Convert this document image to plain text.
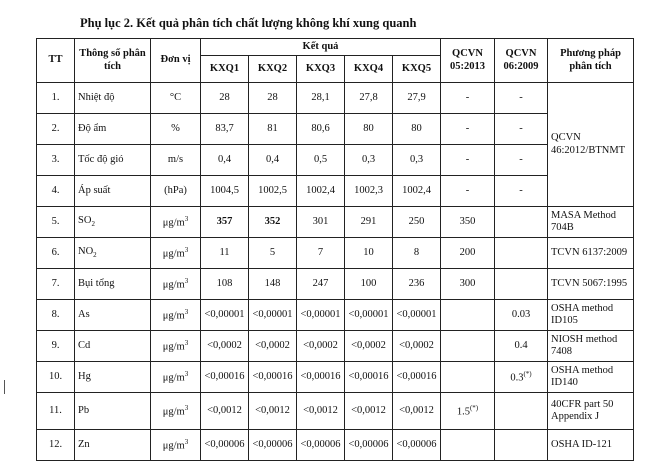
Phụ lục 2. Kết quả phân tích chất lượng không khí xung quanh
TT	Thông số phân tích	Đơn vị	Kết quả					QCVN 05:2013	QCVN 06:2009	Phương pháp phân tích
			KXQ1	KXQ2	KXQ3	KXQ4	KXQ5			
1.	Nhiệt độ	°C	28	28	28,1	27,8	27,9	-	-	QCVN 46:2012/BTNMT
2.	Độ ẩm	%	83,7	81	80,6	80	80	-	-	
3.	Tốc độ gió	m/s	0,4	0,4	0,5	0,3	0,3	-	-	
4.	Áp suất	(hPa)	1004,5	1002,5	1002,4	1002,3	1002,4	-	-	
5.	$SO_2$	$\mu g/m^3$	357	352	301	291	250	350		MASA Method 704B
6.	$NO_2$	$\mu g/m^3$	11	5	7	10	8	200		TCVN 6137:2009
7.	Bụi tổng	$\mu g/m^3$	108	148	247	100	236	300		TCVN 5067:1995
8.	As	$\mu g/m^3$	<0,00001	<0,00001	<0,00001	<0,00001	<0,00001		0.03	OSHA method ID105
9.	Cd	$\mu g/m^3$	<0,0002	<0,0002	<0,0002	<0,0002	<0,0002		0.4	NIOSH method 7408
10.	Hg	$\mu g/m^3$	<0,00016	<0,00016	<0,00016	<0,00016	<0,00016		0.3(*)	OSHA method ID140
11.	Pb	$\mu g/m^3$	<0,0012	<0,0012	<0,0012	<0,0012	<0,0012	1.5(*)		40CFR part 50 Appendix J
12.	Zn	$\mu g/m^3$	<0,00006	<0,00006	<0,00006	<0,00006	<0,00006			OSHA ID-121
